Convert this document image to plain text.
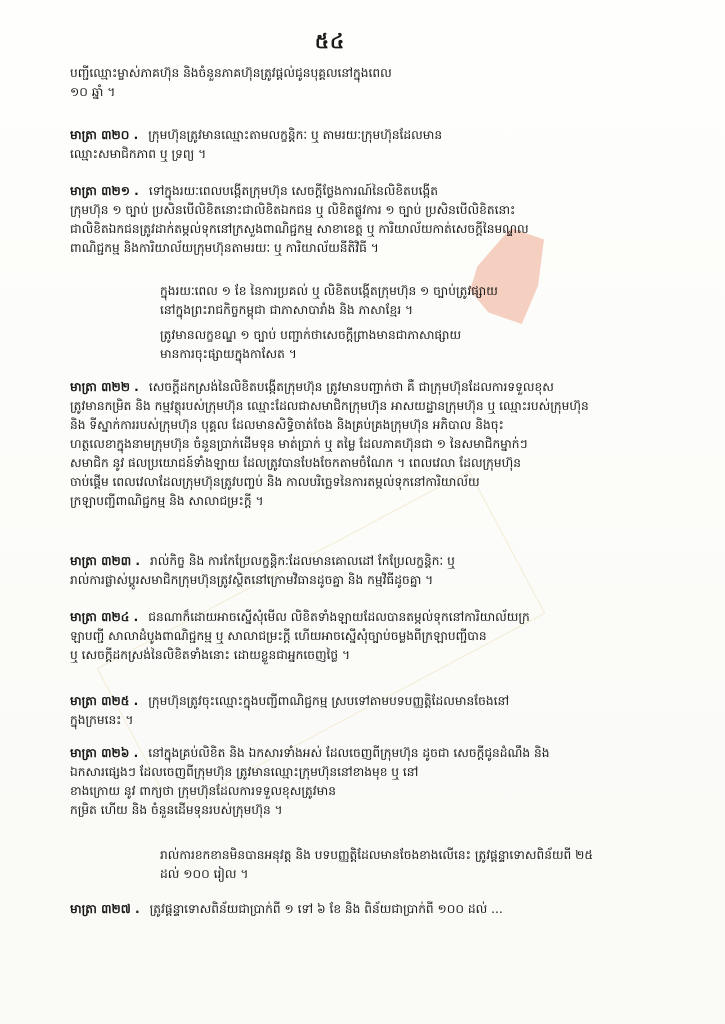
៥៤
បញ្ជីឈ្មោះម្ចាស់ភាគហ៊ុន និងចំនួនភាគហ៊ុនត្រូវផ្ដល់ជូនបុគ្គលនៅក្នុងពេល
១០ ឆ្នាំ ។
មាត្រា ៣២០ . ក្រុមហ៊ុនត្រូវមានឈ្មោះតាមលក្ខន្តិកៈ ឬ តាមរយៈក្រុមហ៊ុនដែលមាន
ឈ្មោះសមាជិកភាព ឬ ទ្រព្យ ។
មាត្រា ៣២១ . ទៅក្នុងរយៈពេលបង្កើតក្រុមហ៊ុន សេចក្ដីថ្លែងការណ៍នៃលិខិតបង្កើត
ក្រុមហ៊ុន ១ ច្បាប់ ប្រសិនបើលិខិតនោះជាលិខិតឯកជន ឬ លិខិតផ្លូវការ ១ ច្បាប់ ប្រសិនបើលិខិតនោះ
ជាលិខិតឯកជនត្រូវដាក់តម្កល់ទុកនៅក្រសួងពាណិជ្ជកម្ម សាខាខេត្ត ឬ ការិយាល័យកាត់សេចក្ដីនៃមណ្ឌល
ពាណិជ្ជកម្ម និងការិយាល័យក្រុមហ៊ុនតាមរយៈ ឬ ការិយាល័យនីតិវិធី ។
ក្នុងរយៈពេល ១ ខែ នៃការប្រគល់ ឬ លិខិតបង្កើតក្រុមហ៊ុន ១ ច្បាប់ត្រូវផ្សាយ
នៅក្នុងព្រះរាជកិច្ចកម្ពុជា ជាភាសាបារាំង និង ភាសាខ្មែរ ។
ត្រូវមានលក្ខខណ្ឌ ១ ច្បាប់ បញ្ជាក់ថាសេចក្ដីព្រាងមានជាភាសាផ្សាយ
មានការចុះផ្សាយក្នុងកាសែត ។
មាត្រា ៣២២ . សេចក្ដីដកស្រង់នៃលិខិតបង្កើតក្រុមហ៊ុន ត្រូវមានបញ្ជាក់ថា គឺ ជាក្រុមហ៊ុនដែលការទទួលខុស
ត្រូវមានកម្រិត និង កម្មវត្ថុរបស់ក្រុមហ៊ុន ឈ្មោះដែលជាសមាជិកក្រុមហ៊ុន អាសយដ្ឋានក្រុមហ៊ុន ឬ ឈ្មោះរបស់ក្រុមហ៊ុន
និង ទីស្នាក់ការរបស់ក្រុមហ៊ុន បុគ្គល ដែលមានសិទ្ធិចាត់ចែង និងគ្រប់គ្រងក្រុមហ៊ុន អភិបាល និងចុះ
ហត្ថលេខាក្នុងនាមក្រុមហ៊ុន ចំនួនប្រាក់ដើមទុន មាត់ប្រាក់ ឬ តម្លៃ ដែលភាគហ៊ុនជា ១ នៃសមាជិកម្នាក់ៗ
សមាជិក នូវ ផលប្រយោជន៍ទាំងឡាយ ដែលត្រូវបានបែងចែកតាមចំណែក ។ ពេលវេលា ដែលក្រុមហ៊ុន
ចាប់ផ្ដើម ពេលវេលាដែលក្រុមហ៊ុនត្រូវបញ្ចប់ និង កាលបរិច្ឆេទនៃការតម្កល់ទុកនៅការិយាល័យ
ក្រឡាបញ្ជីពាណិជ្ជកម្ម និង សាលាជម្រះក្ដី ។
មាត្រា ៣២៣ . រាល់កិច្ច និង ការកែប្រែលក្ខន្តិកៈដែលមានគោលដៅ កែប្រែលក្ខន្តិកៈ ឬ
រាល់ការផ្លាស់ប្ដូរសមាជិកក្រុមហ៊ុនត្រូវស្ថិតនៅក្រោមវិធានដូចគ្នា និង កម្មវិធីដូចគ្នា ។
មាត្រា ៣២៤ . ជនណាក៏ដោយអាចស្នើសុំមើល លិខិតទាំងឡាយដែលបានតម្កល់ទុកនៅការិយាល័យក្រ
ឡាបញ្ជី សាលាដំបូងពាណិជ្ជកម្ម ឬ សាលាជម្រះក្ដី ហើយអាចស្នើសុំច្បាប់ចម្លងពីក្រឡាបញ្ជីបាន
ឬ សេចក្ដីដកស្រង់នៃលិខិតទាំងនោះ ដោយខ្លួនជាអ្នកចេញថ្លៃ ។
មាត្រា ៣២៥ . ក្រុមហ៊ុនត្រូវចុះឈ្មោះក្នុងបញ្ជីពាណិជ្ជកម្ម ស្របទៅតាមបទបញ្ញត្តិដែលមានចែងនៅ
ក្នុងក្រមនេះ ។
មាត្រា ៣២៦ . នៅក្នុងគ្រប់លិខិត និង ឯកសារទាំងអស់ ដែលចេញពីក្រុមហ៊ុន ដូចជា សេចក្ដីជូនដំណឹង និង
ឯកសារផ្សេងៗ ដែលចេញពីក្រុមហ៊ុន ត្រូវមានឈ្មោះក្រុមហ៊ុននៅខាងមុខ ឬ នៅ
ខាងក្រោយ នូវ ពាក្យថា ក្រុមហ៊ុនដែលការទទួលខុសត្រូវមាន
កម្រិត ហើយ និង ចំនួនដើមទុនរបស់ក្រុមហ៊ុន ។
រាល់ការខកខានមិនបានអនុវត្ត និង បទបញ្ញត្តិដែលមានចែងខាងលើនេះ ត្រូវផ្ដន្ទាទោសពិន័យពី ២៥
ដល់ ១០០ រៀល ។
មាត្រា ៣២៧ . ត្រូវផ្ដន្ទាទោសពិន័យជាប្រាក់ពី ១ ទៅ ៦ ខែ និង ពិន័យជាប្រាក់ពី ១០០ ដល់ ...
